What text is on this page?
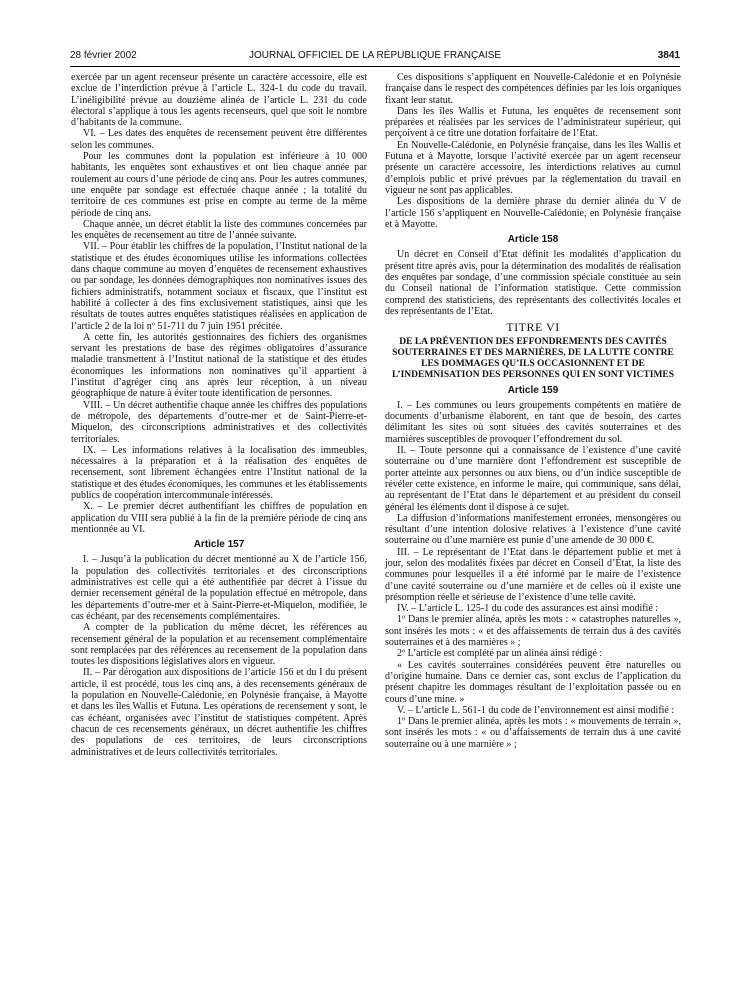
JOURNAL OFFICIEL DE LA RÉPUBLIQUE FRANÇAISE
28 février 2002	3841

exercée par un agent recenseur présente un caractère accessoire, elle est exclue de l’interdiction prévue à l’article L. 324-1 du code du travail. L’inéligibilité prévue au douzième alinéa de l’article L. 231 du code électoral s’applique à tous les agents recenseurs, quel que soit le nombre d’habitants de la commune.

VI. – Les dates des enquêtes de recensement peuvent être différentes selon les communes.

Pour les communes dont la population est inférieure à 10 000 habitants, les enquêtes sont exhaustives et ont lieu chaque année par roulement au cours d’une période de cinq ans. Pour les autres communes, une enquête par sondage est effectuée chaque année ; la totalité du territoire de ces communes est prise en compte au terme de la même période de cinq ans.

Chaque année, un décret établit la liste des communes concernées par les enquêtes de recensement au titre de l’année suivante.

VII. – Pour établir les chiffres de la population, l’Institut national de la statistique et des études économiques utilise les informations collectées dans chaque commune au moyen d’enquêtes de recensement exhaustives ou par sondage, les données démographiques non nominatives issues des fichiers administratifs, notamment sociaux et fiscaux, que l’institut est habilité à collecter à des fins exclusivement statistiques, ainsi que les résultats de toutes autres enquêtes statistiques réalisées en application de l’article 2 de la loi nº 51-711 du 7 juin 1951 précitée.

A cette fin, les autorités gestionnaires des fichiers des organismes servant les prestations de base des régimes obligatoires d’assurance maladie transmettent à l’Institut national de la statistique et des études économiques les informations non nominatives qu’il appartient à l’institut d’agréger cinq ans après leur réception, à un niveau géographique de nature à éviter toute identification de personnes.

VIII. – Un décret authentifie chaque année les chiffres des populations de métropole, des départements d’outre-mer et de Saint-Pierre-et-Miquelon, des circonscriptions administratives et des collectivités territoriales.

IX. – Les informations relatives à la localisation des immeubles, nécessaires à la préparation et à la réalisation des enquêtes de recensement, sont librement échangées entre l’Institut national de la statistique et des études économiques, les communes et les établissements publics de coopération intercommunale intéressés.

X. – Le premier décret authentifiant les chiffres de population en application du VIII sera publié à la fin de la première période de cinq ans mentionnée au VI.

Article 157

I. – Jusqu’à la publication du décret mentionné au X de l’article 156, la population des collectivités territoriales et des circonscriptions administratives est celle qui a été authentifiée par décret à l’issue du dernier recensement général de la population effectué en métropole, dans les départements d’outre-mer et à Saint-Pierre-et-Miquelon, modifiée, le cas échéant, par des recensements complémentaires.

A compter de la publication du même décret, les références au recensement général de la population et au recensement complémentaire sont remplacées par des références au recensement de la population dans toutes les dispositions législatives alors en vigueur.

II. – Par dérogation aux dispositions de l’article 156 et du I du présent article, il est procédé, tous les cinq ans, à des recensements généraux de la population en Nouvelle-Calédonie, en Polynésie française, à Mayotte et dans les îles Wallis et Futuna. Les opérations de recensement y sont, le cas échéant, organisées avec l’institut de statistiques compétent. Après chacun de ces recensements généraux, un décret authentifie les chiffres des populations de ces territoires, de leurs circonscriptions administratives et de leurs collectivités territoriales.

Ces dispositions s’appliquent en Nouvelle-Calédonie et en Polynésie française dans le respect des compétences définies par les lois organiques fixant leur statut.

Dans les îles Wallis et Futuna, les enquêtes de recensement sont préparées et réalisées par les services de l’administrateur supérieur, qui perçoivent à ce titre une dotation forfaitaire de l’Etat.

En Nouvelle-Calédonie, en Polynésie française, dans les îles Wallis et Futuna et à Mayotte, lorsque l’activité exercée par un agent recenseur présente un caractère accessoire, les interdictions relatives au cumul d’emplois public et privé prévues par la réglementation du travail en vigueur ne sont pas applicables.

Les dispositions de la dernière phrase du dernier alinéa du V de l’article 156 s’appliquent en Nouvelle-Calédonie, en Polynésie française et à Mayotte.

Article 158

Un décret en Conseil d’Etat définit les modalités d’application du présent titre après avis, pour la détermination des modalités de réalisation des enquêtes par sondage, d’une commission spéciale constituée au sein du Conseil national de l’information statistique. Cette commission comprend des statisticiens, des représentants des collectivités locales et des représentants de l’Etat.

TITRE VI
DE LA PRÉVENTION DES EFFONDREMENTS DES CAVITÉS SOUTERRAINES ET DES MARNIÈRES, DE LA LUTTE CONTRE LES DOMMAGES QU’ILS OCCASIONNENT ET DE L’INDEMNISATION DES PERSONNES QUI EN SONT VICTIMES
Article 159

I. – Les communes ou leurs groupements compétents en matière de documents d’urbanisme élaborent, en tant que de besoin, des cartes délimitant les sites où sont situées des cavités souterraines et des marnières susceptibles de provoquer l’effondrement du sol.

II. – Toute personne qui a connaissance de l’existence d’une cavité souterraine ou d’une marnière dont l’effondrement est susceptible de porter atteinte aux personnes ou aux biens, ou d’un indice susceptible de révéler cette existence, en informe le maire, qui communique, sans délai, au représentant de l’Etat dans le département et au président du conseil général les éléments dont il dispose à ce sujet.

La diffusion d’informations manifestement erronées, mensongères ou résultant d’une intention dolosive relatives à l’existence d’une cavité souterraine ou d’une marnière est punie d’une amende de 30 000 €.

III. – Le représentant de l’Etat dans le département publie et met à jour, selon des modalités fixées par décret en Conseil d’Etat, la liste des communes pour lesquelles il a été informé par le maire de l’existence d’une cavité souterraine ou d’une marnière et de celles où il existe une présomption réelle et sérieuse de l’existence d’une telle cavité.

IV. – L’article L. 125-1 du code des assurances est ainsi modifié :

1º Dans le premier alinéa, après les mots : « catastrophes naturelles », sont insérés les mots : « et des affaissements de terrain dus à des cavités souterraines et à des marnières » ;

2º L’article est complété par un alinéa ainsi rédigé :

« Les cavités souterraines considérées peuvent être naturelles ou d’origine humaine. Dans ce dernier cas, sont exclus de l’application du présent chapitre les dommages résultant de l’exploitation passée ou en cours d’une mine. »

V. – L’article L. 561-1 du code de l’environnement est ainsi modifié :

1º Dans le premier alinéa, après les mots : « mouvements de terrain », sont insérés les mots : « ou d’affaissements de terrain dus à une cavité souterraine ou à une marnière » ;
